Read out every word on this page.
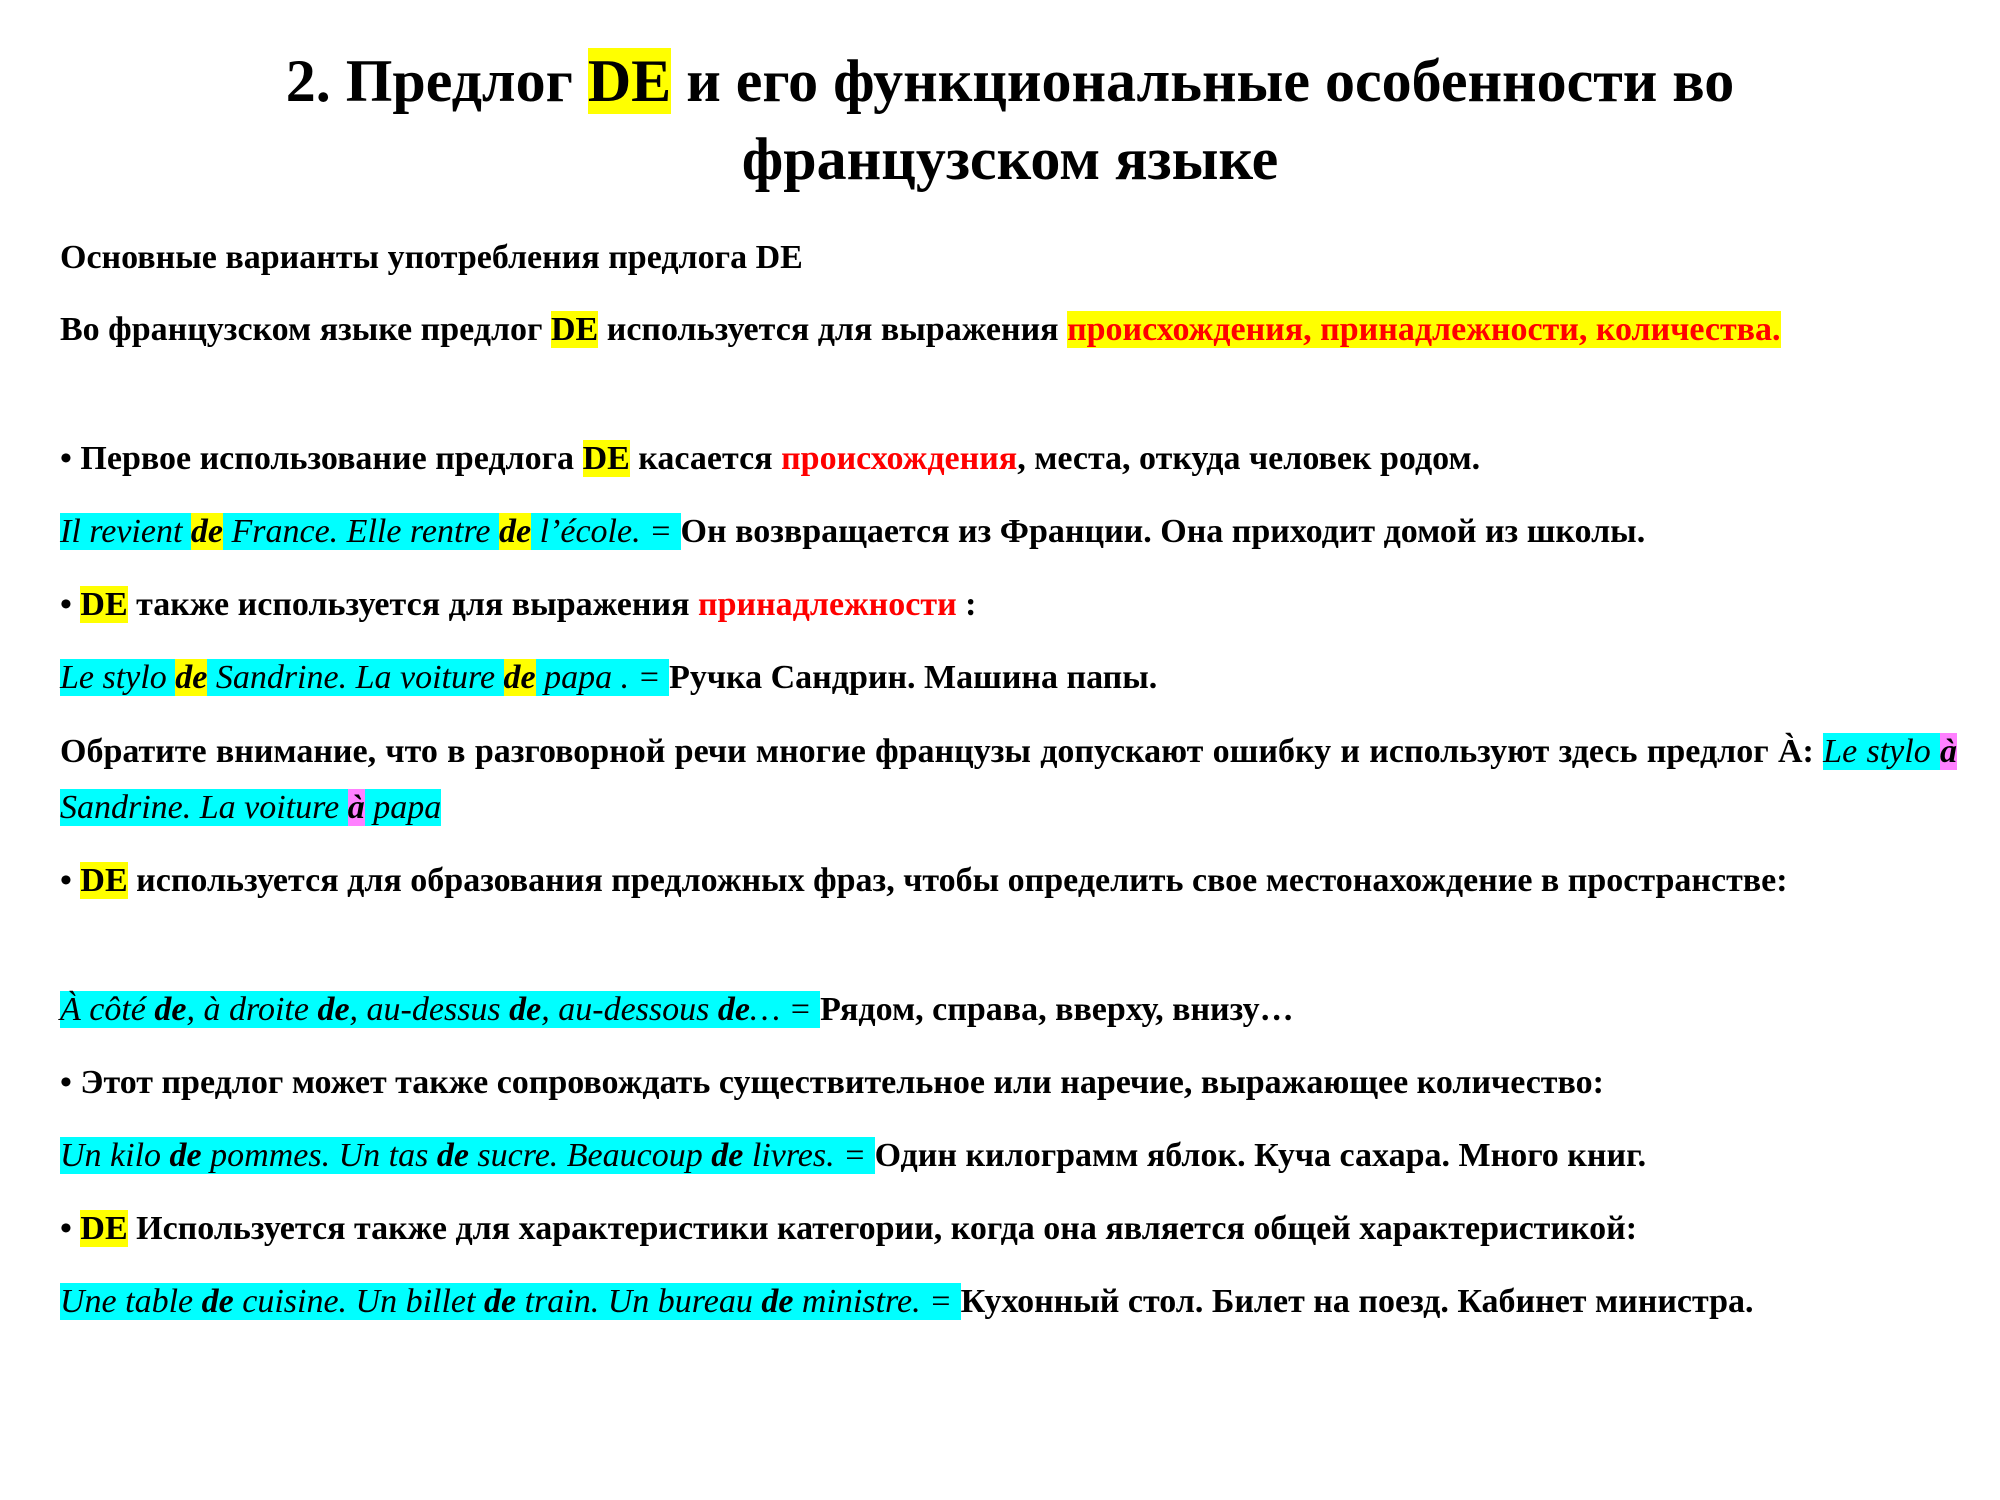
2. Предлог DE и его функциональные особенности во французском языке
Основные варианты употребления предлога DE
Во французском языке предлог DE используется для выражения происхождения, принадлежности, количества.
• Первое использование предлога DE касается происхождения, места, откуда человек родом.
Il revient de France. Elle rentre de l’école. = Он возвращается из Франции. Она приходит домой из школы.
• DE также используется для выражения принадлежности :
Le stylo de Sandrine. La voiture de papa . = Ручка Сандрин. Машина папы.
Обратите внимание, что в разговорной речи многие французы допускают ошибку и используют здесь предлог À: Le stylo à Sandrine. La voiture à papa
• DE используется для образования предложных фраз, чтобы определить свое местонахождение в пространстве:
À côté de, à droite de, au-dessus de, au-dessous de… = Рядом, справа, вверху, внизу…
• Этот предлог может также сопровождать существительное или наречие, выражающее количество:
Un kilo de pommes. Un tas de sucre. Beaucoup de livres. = Один килограмм яблок. Куча сахара. Много книг.
• DE Используется также для характеристики категории, когда она является общей характеристикой:
Une table de cuisine. Un billet de train. Un bureau de ministre. = Кухонный стол. Билет на поезд. Кабинет министра.
